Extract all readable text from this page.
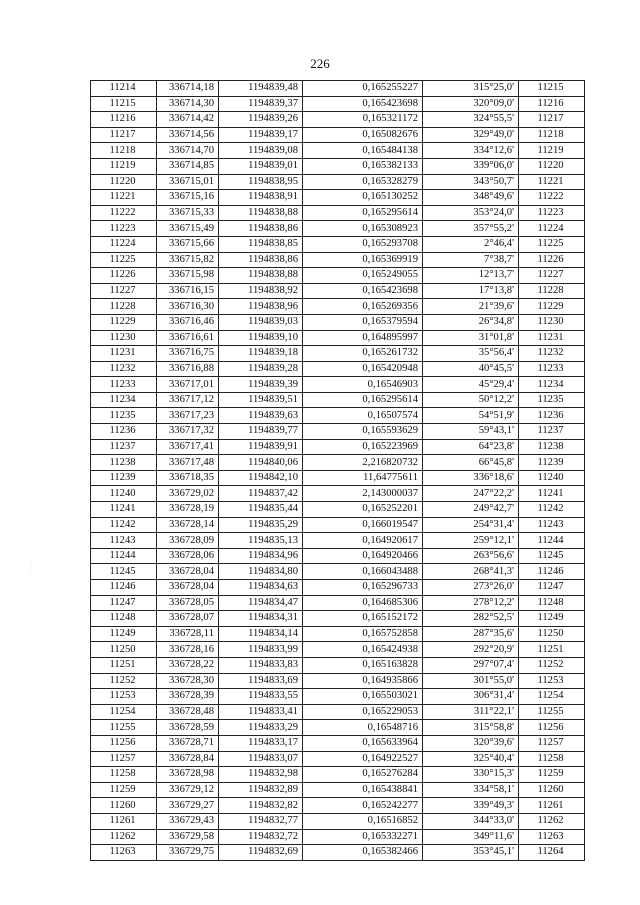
226
11214	336714,18	1194839,48	0,165255227	315°25,0'	11215
11215	336714,30	1194839,37	0,165423698	320°09,0'	11216
11216	336714,42	1194839,26	0,165321172	324°55,5'	11217
11217	336714,56	1194839,17	0,165082676	329°49,0'	11218
11218	336714,70	1194839,08	0,165484138	334°12,6'	11219
11219	336714,85	1194839,01	0,165382133	339°06,0'	11220
11220	336715,01	1194838,95	0,165328279	343°50,7'	11221
11221	336715,16	1194838,91	0,165130252	348°49,6'	11222
11222	336715,33	1194838,88	0,165295614	353°24,0'	11223
11223	336715,49	1194838,86	0,165308923	357°55,2'	11224
11224	336715,66	1194838,85	0,165293708	2°46,4'	11225
11225	336715,82	1194838,86	0,165369919	7°38,7'	11226
11226	336715,98	1194838,88	0,165249055	12°13,7'	11227
11227	336716,15	1194838,92	0,165423698	17°13,8'	11228
11228	336716,30	1194838,96	0,165269356	21°39,6'	11229
11229	336716,46	1194839,03	0,165379594	26°34,8'	11230
11230	336716,61	1194839,10	0,164895997	31°01,8'	11231
11231	336716,75	1194839,18	0,165261732	35°56,4'	11232
11232	336716,88	1194839,28	0,165420948	40°45,5'	11233
11233	336717,01	1194839,39	0,16546903	45°29,4'	11234
11234	336717,12	1194839,51	0,165295614	50°12,2'	11235
11235	336717,23	1194839,63	0,16507574	54°51,9'	11236
11236	336717,32	1194839,77	0,165593629	59°43,1'	11237
11237	336717,41	1194839,91	0,165223969	64°23,8'	11238
11238	336717,48	1194840,06	2,216820732	66°45,8'	11239
11239	336718,35	1194842,10	11,64775611	336°18,6'	11240
11240	336729,02	1194837,42	2,143000037	247°22,2'	11241
11241	336728,19	1194835,44	0,165252201	249°42,7'	11242
11242	336728,14	1194835,29	0,166019547	254°31,4'	11243
11243	336728,09	1194835,13	0,164920617	259°12,1'	11244
11244	336728,06	1194834,96	0,164920466	263°56,6'	11245
11245	336728,04	1194834,80	0,166043488	268°41,3'	11246
11246	336728,04	1194834,63	0,165296733	273°26,0'	11247
11247	336728,05	1194834,47	0,164685306	278°12,2'	11248
11248	336728,07	1194834,31	0,165152172	282°52,5'	11249
11249	336728,11	1194834,14	0,165752858	287°35,6'	11250
11250	336728,16	1194833,99	0,165424938	292°20,9'	11251
11251	336728,22	1194833,83	0,165163828	297°07,4'	11252
11252	336728,30	1194833,69	0,164935866	301°55,0'	11253
11253	336728,39	1194833,55	0,165503021	306°31,4'	11254
11254	336728,48	1194833,41	0,165229053	311°22,1'	11255
11255	336728,59	1194833,29	0,16548716	315°58,8'	11256
11256	336728,71	1194833,17	0,165633964	320°39,6'	11257
11257	336728,84	1194833,07	0,164922527	325°40,4'	11258
11258	336728,98	1194832,98	0,165276284	330°15,3'	11259
11259	336729,12	1194832,89	0,165438841	334°58,1'	11260
11260	336729,27	1194832,82	0,165242277	339°49,3'	11261
11261	336729,43	1194832,77	0,16516852	344°33,0'	11262
11262	336729,58	1194832,72	0,165332271	349°11,6'	11263
11263	336729,75	1194832,69	0,165382466	353°45,1'	11264
·
·
·
